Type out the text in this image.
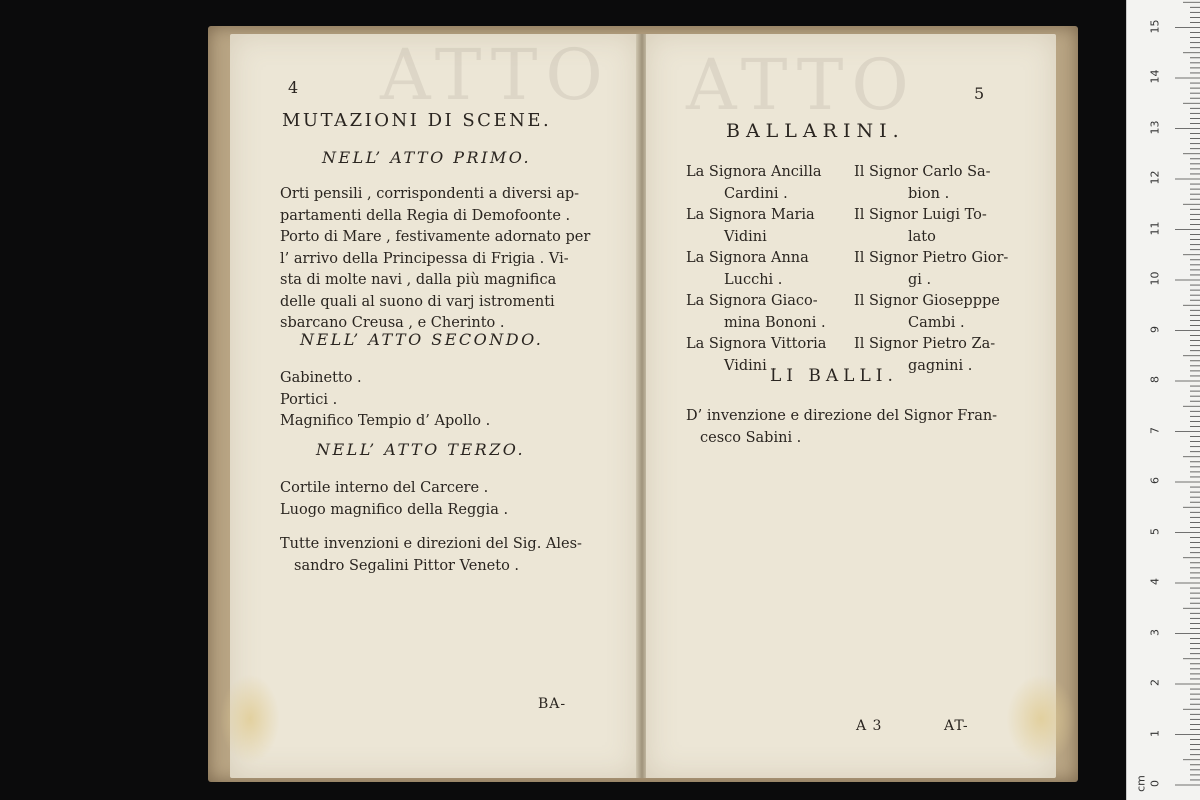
ATTO
4
MUTAZIONI DI SCENE.
NELL’ ATTO PRIMO.
Orti pensili , corrispondenti a diversi ap-
partamenti della Regia di Demofoonte .
Porto di Mare , festivamente adornato per
l’ arrivo della Principessa di Frigia . Vi-
sta di molte navi , dalla più magnifica
delle quali al suono di varj istromenti
sbarcano Creusa , e Cherinto .
NELL’ ATTO SECONDO.
Gabinetto .
Portici .
Magnifico Tempio d’ Apollo .
NELL’ ATTO TERZO.
Cortile interno del Carcere .
Luogo magnifico della Reggia .
Tutte invenzioni e direzioni del Sig. Ales-
sandro Segalini Pittor Veneto .
BA-
ATTO	5
BALLARINI.
La Signora Ancilla
Cardini .
La Signora Maria
Vidini
La Signora Anna
Lucchi .
La Signora Giaco-
mina Bononi .
La Signora Vittoria
Vidini .
Il Signor Carlo Sa-
bion .
Il Signor Luigi To-
lato
Il Signor Pietro Gior-
gi .
Il Signor Giosepppe
Cambi .
Il Signor Pietro Za-
gagnini .
LI BALLI.
D’ invenzione e direzione del Signor Fran-
cesco Sabini .
A 3	AT-
0
1
2
3
4
5
6
7
8
9
10
11
12
13
14
15
cm
